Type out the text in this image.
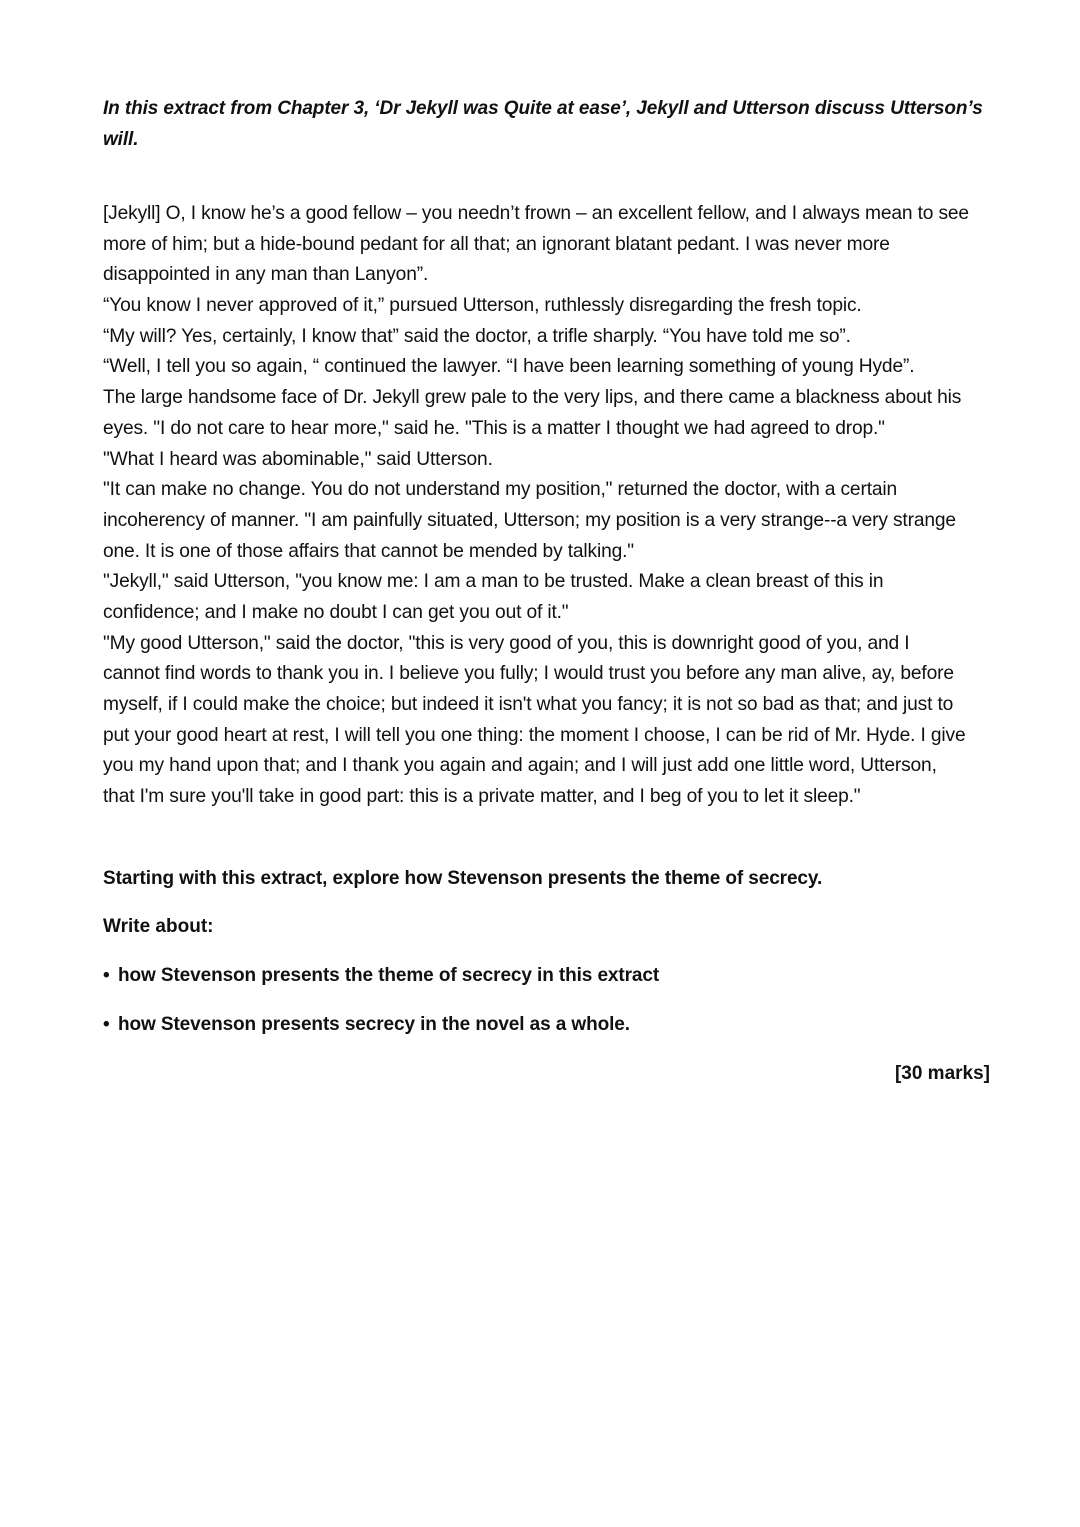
In this extract from Chapter 3, ‘Dr Jekyll was Quite at ease’, Jekyll and Utterson discuss Utterson’s will.

[Jekyll] O, I know he’s a good fellow – you needn’t frown – an excellent fellow, and I always mean to see
more of him; but a hide-bound pedant for all that; an ignorant blatant pedant. I was never more
disappointed in any man than Lanyon”.
“You know I never approved of it,” pursued Utterson, ruthlessly disregarding the fresh topic.
“My will? Yes, certainly, I know that” said the doctor, a trifle sharply. “You have told me so”.
“Well, I tell you so again, “ continued the lawyer. “I have been learning something of young Hyde”.
The large handsome face of Dr. Jekyll grew pale to the very lips, and there came a blackness about his
eyes. "I do not care to hear more," said he. "This is a matter I thought we had agreed to drop."
"What I heard was abominable," said Utterson.
"It can make no change. You do not understand my position," returned the doctor, with a certain
incoherency of manner. "I am painfully situated, Utterson; my position is a very strange--a very strange
one. It is one of those affairs that cannot be mended by talking."
"Jekyll," said Utterson, "you know me: I am a man to be trusted. Make a clean breast of this in
confidence; and I make no doubt I can get you out of it."
"My good Utterson," said the doctor, "this is very good of you, this is downright good of you, and I
cannot find words to thank you in. I believe you fully; I would trust you before any man alive, ay, before
myself, if I could make the choice; but indeed it isn't what you fancy; it is not so bad as that; and just to
put your good heart at rest, I will tell you one thing: the moment I choose, I can be rid of Mr. Hyde. I give
you my hand upon that; and I thank you again and again; and I will just add one little word, Utterson,
that I'm sure you'll take in good part: this is a private matter, and I beg of you to let it sleep."

Starting with this extract, explore how Stevenson presents the theme of secrecy.

Write about:

• how Stevenson presents the theme of secrecy in this extract

• how Stevenson presents secrecy in the novel as a whole.

[30 marks]
